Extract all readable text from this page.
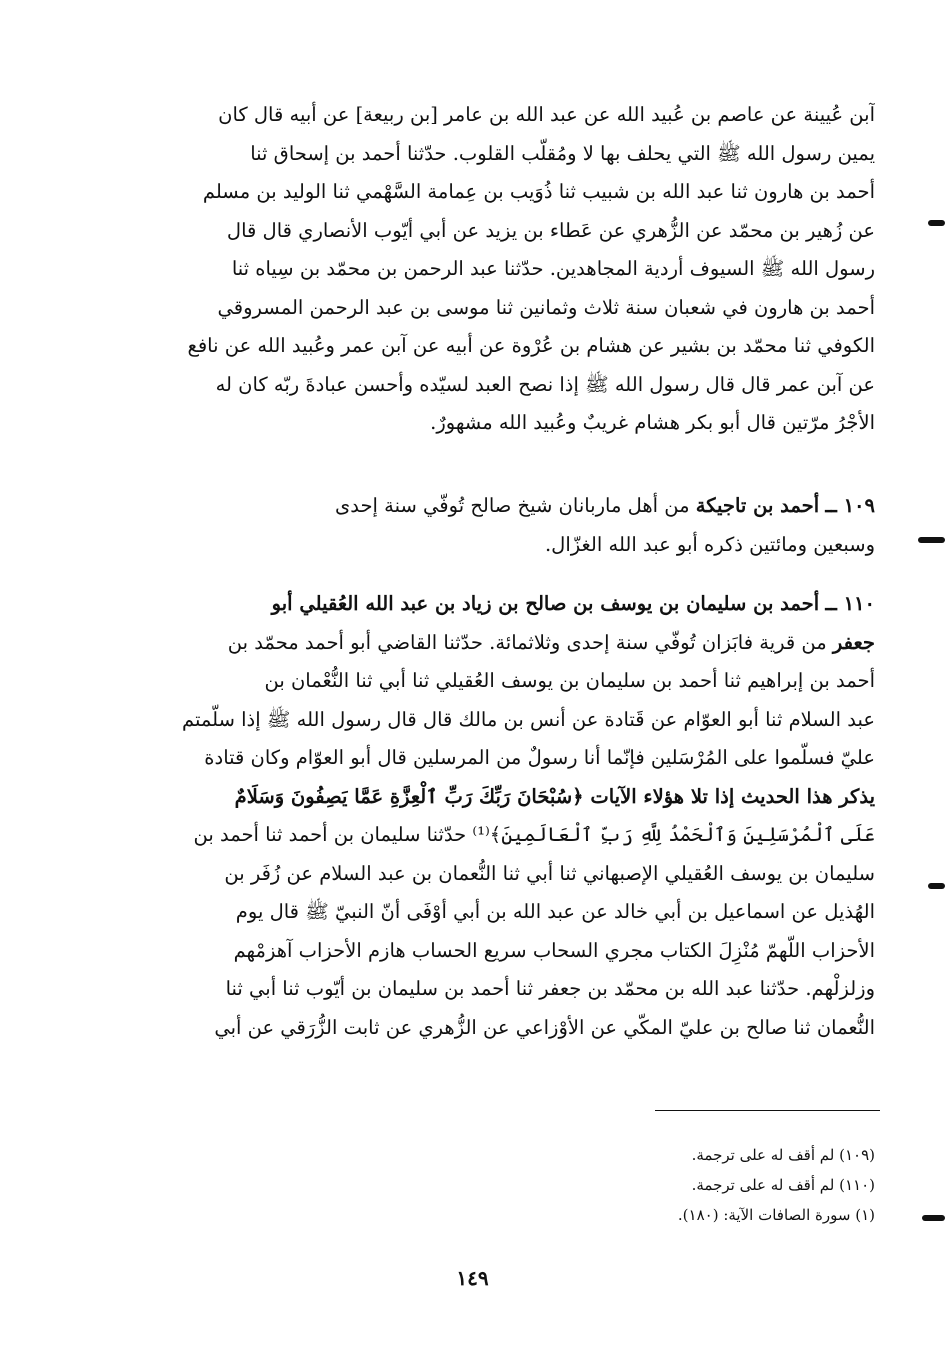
آبن عُيينة عن عاصم بن عُبيد الله عن عبد الله بن عامر [بن ربيعة] عن أبيه قال كان
يمين رسول الله ﷺ التي يحلف بها لا ومُقلّب القلوب. حدّثنا أحمد بن إسحاق ثنا
أحمد بن هارون ثنا عبد الله بن شبيب ثنا ذُوَيب بن عِمامة السَّهْمي ثنا الوليد بن مسلم
عن زُهير بن محمّد عن الزُّهري عن عَطاء بن يزيد عن أبي أيّوب الأنصاري قال قال
رسول الله ﷺ السيوف أردية المجاهدين. حدّثنا عبد الرحمن بن محمّد بن سِياه ثنا
أحمد بن هارون في شعبان سنة ثلاث وثمانين ثنا موسى بن عبد الرحمن المسروقي
الكوفي ثنا محمّد بن بشير عن هشام بن عُرْوة عن أبيه عن آبن عمر وعُبيد الله عن نافع
عن آبن عمر قال قال رسول الله ﷺ إذا نصح العبد لسيّده وأحسن عبادةَ ربّه كان له
الأجْرُ مرّتين قال أبو بكر هشام غريبٌ وعُبيد الله مشهورٌ.
١٠٩ ــ أحمد بن تاجيكة من أهل ماربانان شيخ صالح تُوفّي سنة إحدى
وسبعين ومائتين ذكره أبو عبد الله الغزّال.
١١٠ ــ أحمد بن سليمان بن يوسف بن صالح بن زياد بن عبد الله العُقيلي أبو
جعفر من قرية فابَزان تُوفّي سنة إحدى وثلاثمائة. حدّثنا القاضي أبو أحمد محمّد بن
أحمد بن إبراهيم ثنا أحمد بن سليمان بن يوسف العُقيلي ثنا أبي ثنا النُّعْمان بن
عبد السلام ثنا أبو العوّام عن قَتادة عن أنس بن مالك قال قال رسول الله ﷺ إذا سلّمتم
عليّ فسلّموا على المُرْسَلين فإنّما أنا رسولٌ من المرسلين قال أبو العوّام وكان قتادة
يذكر هذا الحديث إذا تلا هؤلاء الآيات ﴿سُبْحَانَ رَبِّكَ رَبِّ ٱلْعِزَّةِ عَمَّا يَصِفُونَ وَسَلَامٌ
عَلَى ٱلْمُرْسَلِينَ وَٱلْحَمْدُ لِلَّهِ رَبِّ ٱلْعَالَمِينَ﴾⁽¹⁾ حدّثنا سليمان بن أحمد ثنا أحمد بن
سليمان بن يوسف العُقيلي الإصبهاني ثنا أبي ثنا النُّعمان بن عبد السلام عن زُفَر بن
الهُذيل عن اسماعيل بن أبي خالد عن عبد الله بن أبي أوْفَى أنّ النبيّ ﷺ قال يوم
الأحزاب اللّهمّ مُنْزِلَ الكتاب مجري السحاب سريع الحساب هازم الأحزاب آهزمْهم
وزلزلْهم. حدّثنا عبد الله بن محمّد بن جعفر ثنا أحمد بن سليمان بن أيّوب ثنا أبي ثنا
النُّعمان ثنا صالح بن عليّ المكّي عن الأوْزاعي عن الزُّهري عن ثابت الزُّرَقي عن أبي
(١٠٩) لم أقف له على ترجمة.
(١١٠) لم أقف له على ترجمة.
(١) سورة الصافات الآية: (١٨٠).
١٤٩
